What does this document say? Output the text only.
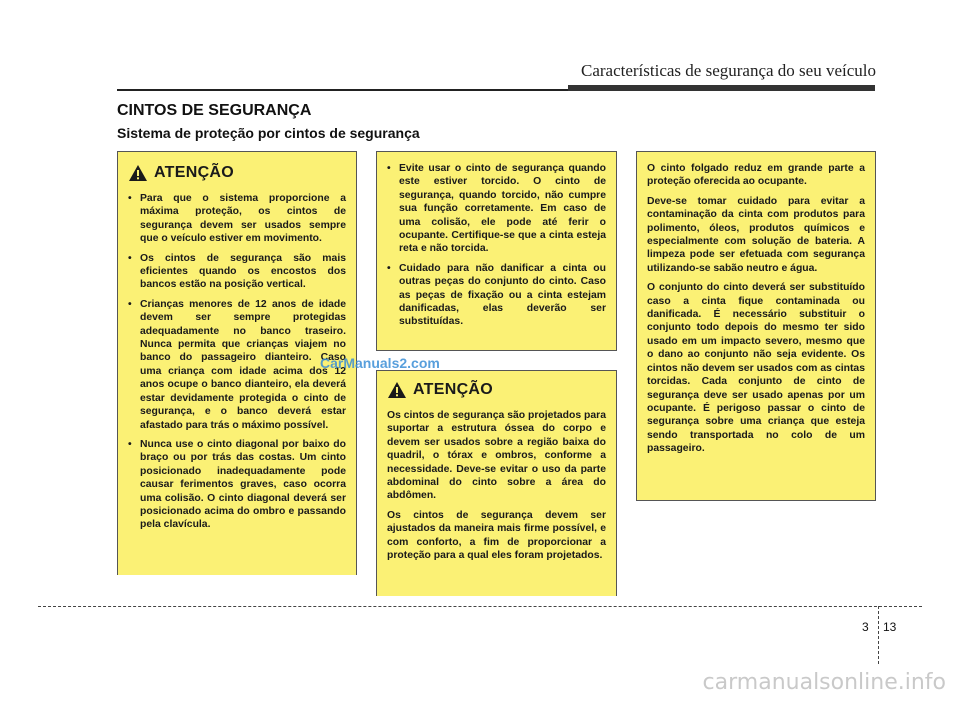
Características de segurança do seu veículo
CINTOS DE SEGURANÇA
Sistema de proteção por cintos de segurança
ATENÇÃO
• Para que o sistema proporcione a máxima proteção, os cintos de segurança devem ser usados sempre que o veículo estiver em movimento.
• Os cintos de segurança são mais eficientes quando os encostos dos bancos estão na posição vertical.
• Crianças menores de 12 anos de idade devem ser sempre protegidas adequadamente no banco traseiro. Nunca permita que crianças viajem no banco do passageiro dianteiro. Caso uma criança com idade acima dos 12 anos ocupe o banco dianteiro, ela deverá estar devidamente protegida o cinto de segurança, e o banco deverá estar afastado para trás o máximo possível.
• Nunca use o cinto diagonal por baixo do braço ou por trás das costas. Um cinto posicionado inadequadamente pode causar ferimentos graves, caso ocorra uma colisão. O cinto diagonal deverá ser posicionado acima do ombro e passando pela clavícula.
• Evite usar o cinto de segurança quando este estiver torcido. O cinto de segurança, quando torcido, não cumpre sua função corretamente. Em caso de uma colisão, ele pode até ferir o ocupante. Certifique-se que a cinta esteja reta e não torcida.
• Cuidado para não danificar a cinta ou outras peças do conjunto do cinto. Caso as peças de fixação ou a cinta estejam danificadas, elas deverão ser substituídas.
ATENÇÃO

Os cintos de segurança são projetados para suportar a estrutura óssea do corpo e devem ser usados sobre a região baixa do quadril, o tórax e ombros, conforme a necessidade. Deve-se evitar o uso da parte abdominal do cinto sobre a área do abdômen.

Os cintos de segurança devem ser ajustados da maneira mais firme possível, e com conforto, a fim de proporcionar a proteção para a qual eles foram projetados.

O cinto folgado reduz em grande parte a proteção oferecida ao ocupante.

Deve-se tomar cuidado para evitar a contaminação da cinta com produtos para polimento, óleos, produtos químicos e especialmente com solução de bateria. A limpeza pode ser efetuada com segurança utilizando-se sabão neutro e água.

O conjunto do cinto deverá ser substituído caso a cinta fique contaminada ou danificada. É necessário substituir o conjunto todo depois do mesmo ter sido usado em um impacto severo, mesmo que o dano ao conjunto não seja evidente. Os cintos não devem ser usados com as cintas torcidas. Cada conjunto de cinto de segurança deve ser usado apenas por um ocupante. É perigoso passar o cinto de segurança sobre uma criança que esteja sendo transportada no colo de um passageiro.

CarManuals2.com
3 13
carmanualsonline.info
